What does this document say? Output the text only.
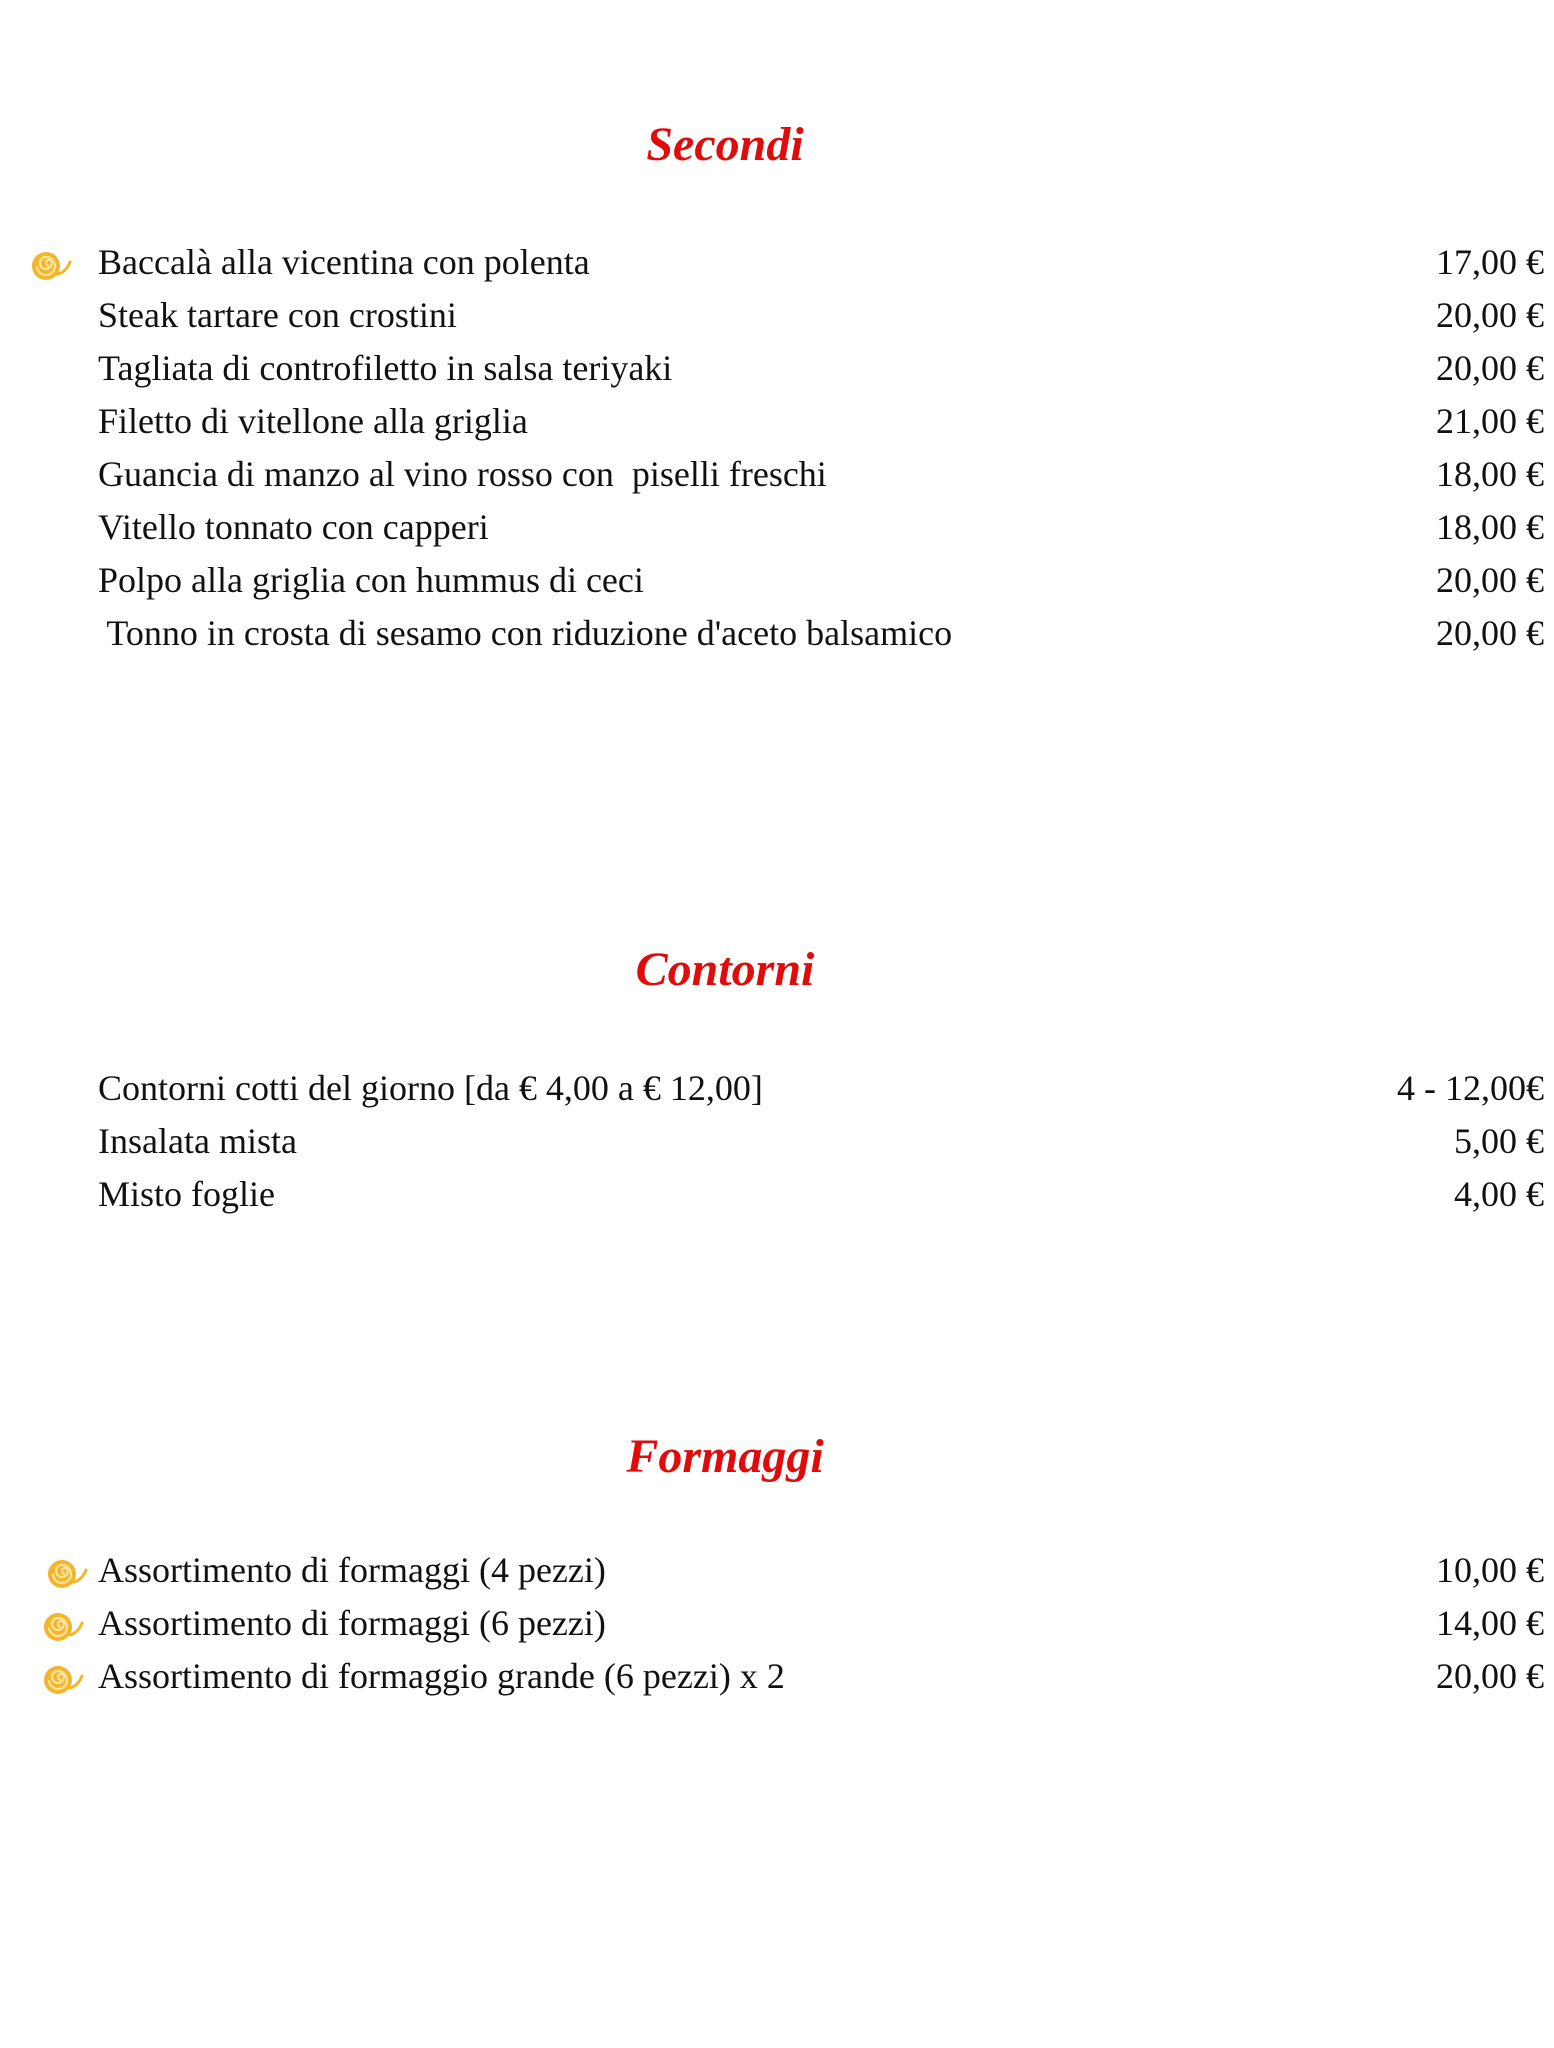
Secondi
Baccalà alla vicentina con polenta	17,00 €
Steak tartare con crostini	20,00 €
Tagliata di controfiletto in salsa teriyaki	20,00 €
Filetto di vitellone alla griglia	21,00 €
Guancia di manzo al vino rosso con  piselli freschi	18,00 €
Vitello tonnato con capperi	18,00 €
Polpo alla griglia con hummus di ceci	20,00 €
Tonno in crosta di sesamo con riduzione d'aceto balsamico	20,00 €
Contorni
Contorni cotti del giorno [da € 4,00 a € 12,00]	4 - 12,00€
Insalata mista	5,00 €
Misto foglie	4,00 €
Formaggi
Assortimento di formaggi (4 pezzi)	10,00 €
Assortimento di formaggi (6 pezzi)	14,00 €
Assortimento di formaggio grande (6 pezzi) x 2	20,00 €
